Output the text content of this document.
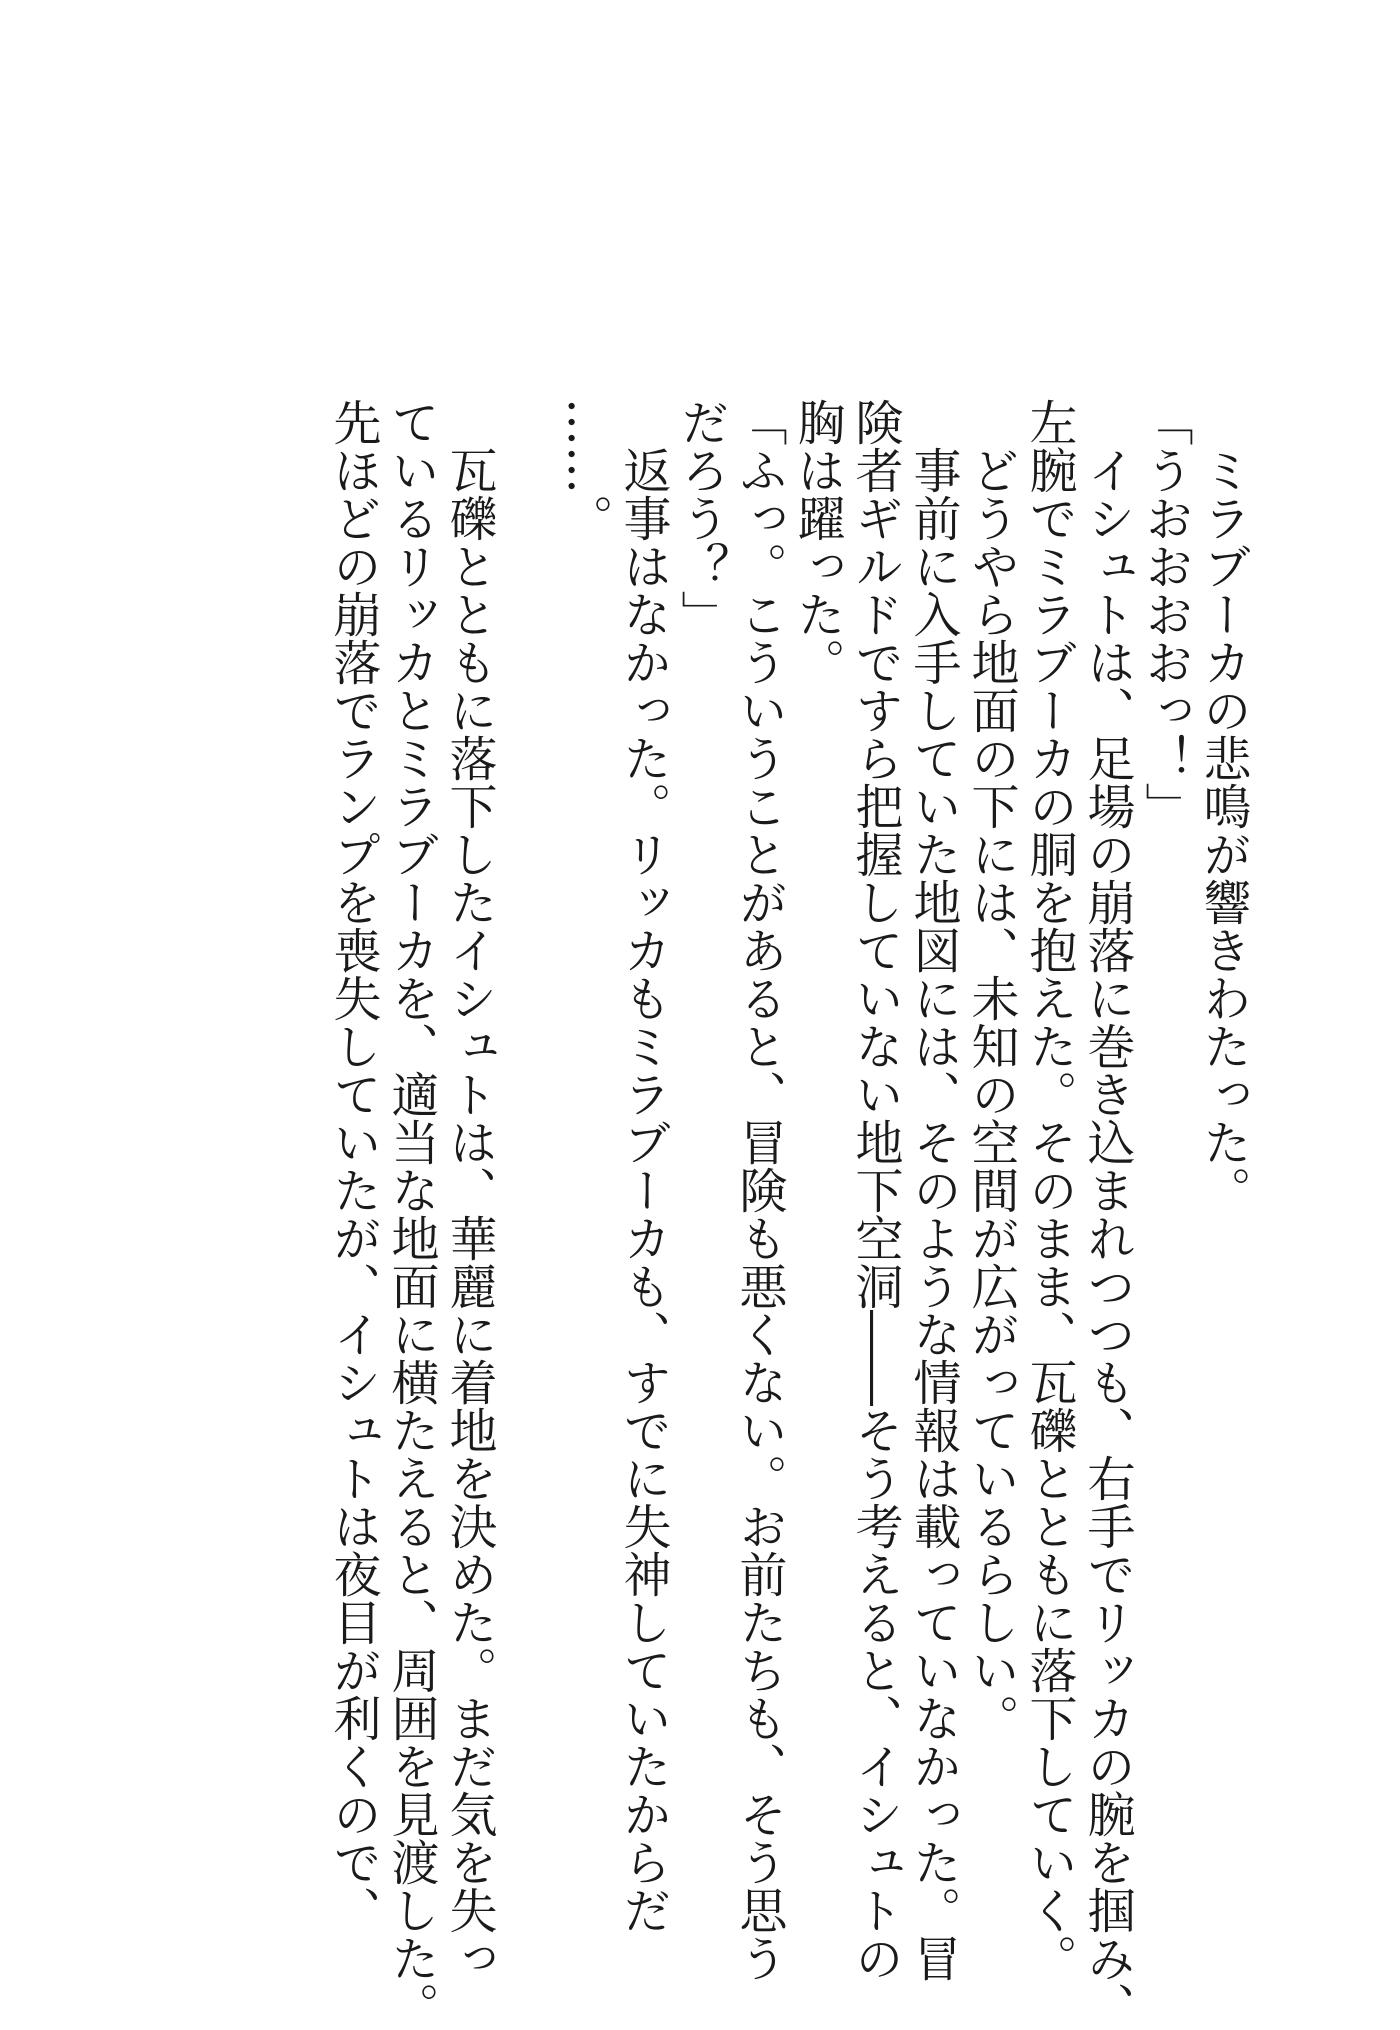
ミラブーカの悲鳴が響きわたった。
「うおおおおっ！」
イシュトは、足場の崩落に巻き込まれつつも、右手でリッカの腕を掴み、
左腕でミラブーカの胴を抱えた。そのまま、瓦礫とともに落下していく。
どうやら地面の下には、未知の空間が広がっているらしい。
事前に入手していた地図には、そのような情報は載っていなかった。冒
険者ギルドですら把握していない地下空洞――そう考えると、イシュトの
胸は躍った。
「ふっ。こういうことがあると、冒険も悪くない。お前たちも、そう思う
だろう？」
返事はなかった。リッカもミラブーカも、すでに失神していたからだ
……。
瓦礫とともに落下したイシュトは、華麗に着地を決めた。まだ気を失っ
ているリッカとミラブーカを、適当な地面に横たえると、周囲を見渡した。
先ほどの崩落でランプを喪失していたが、イシュトは夜目が利くので、
